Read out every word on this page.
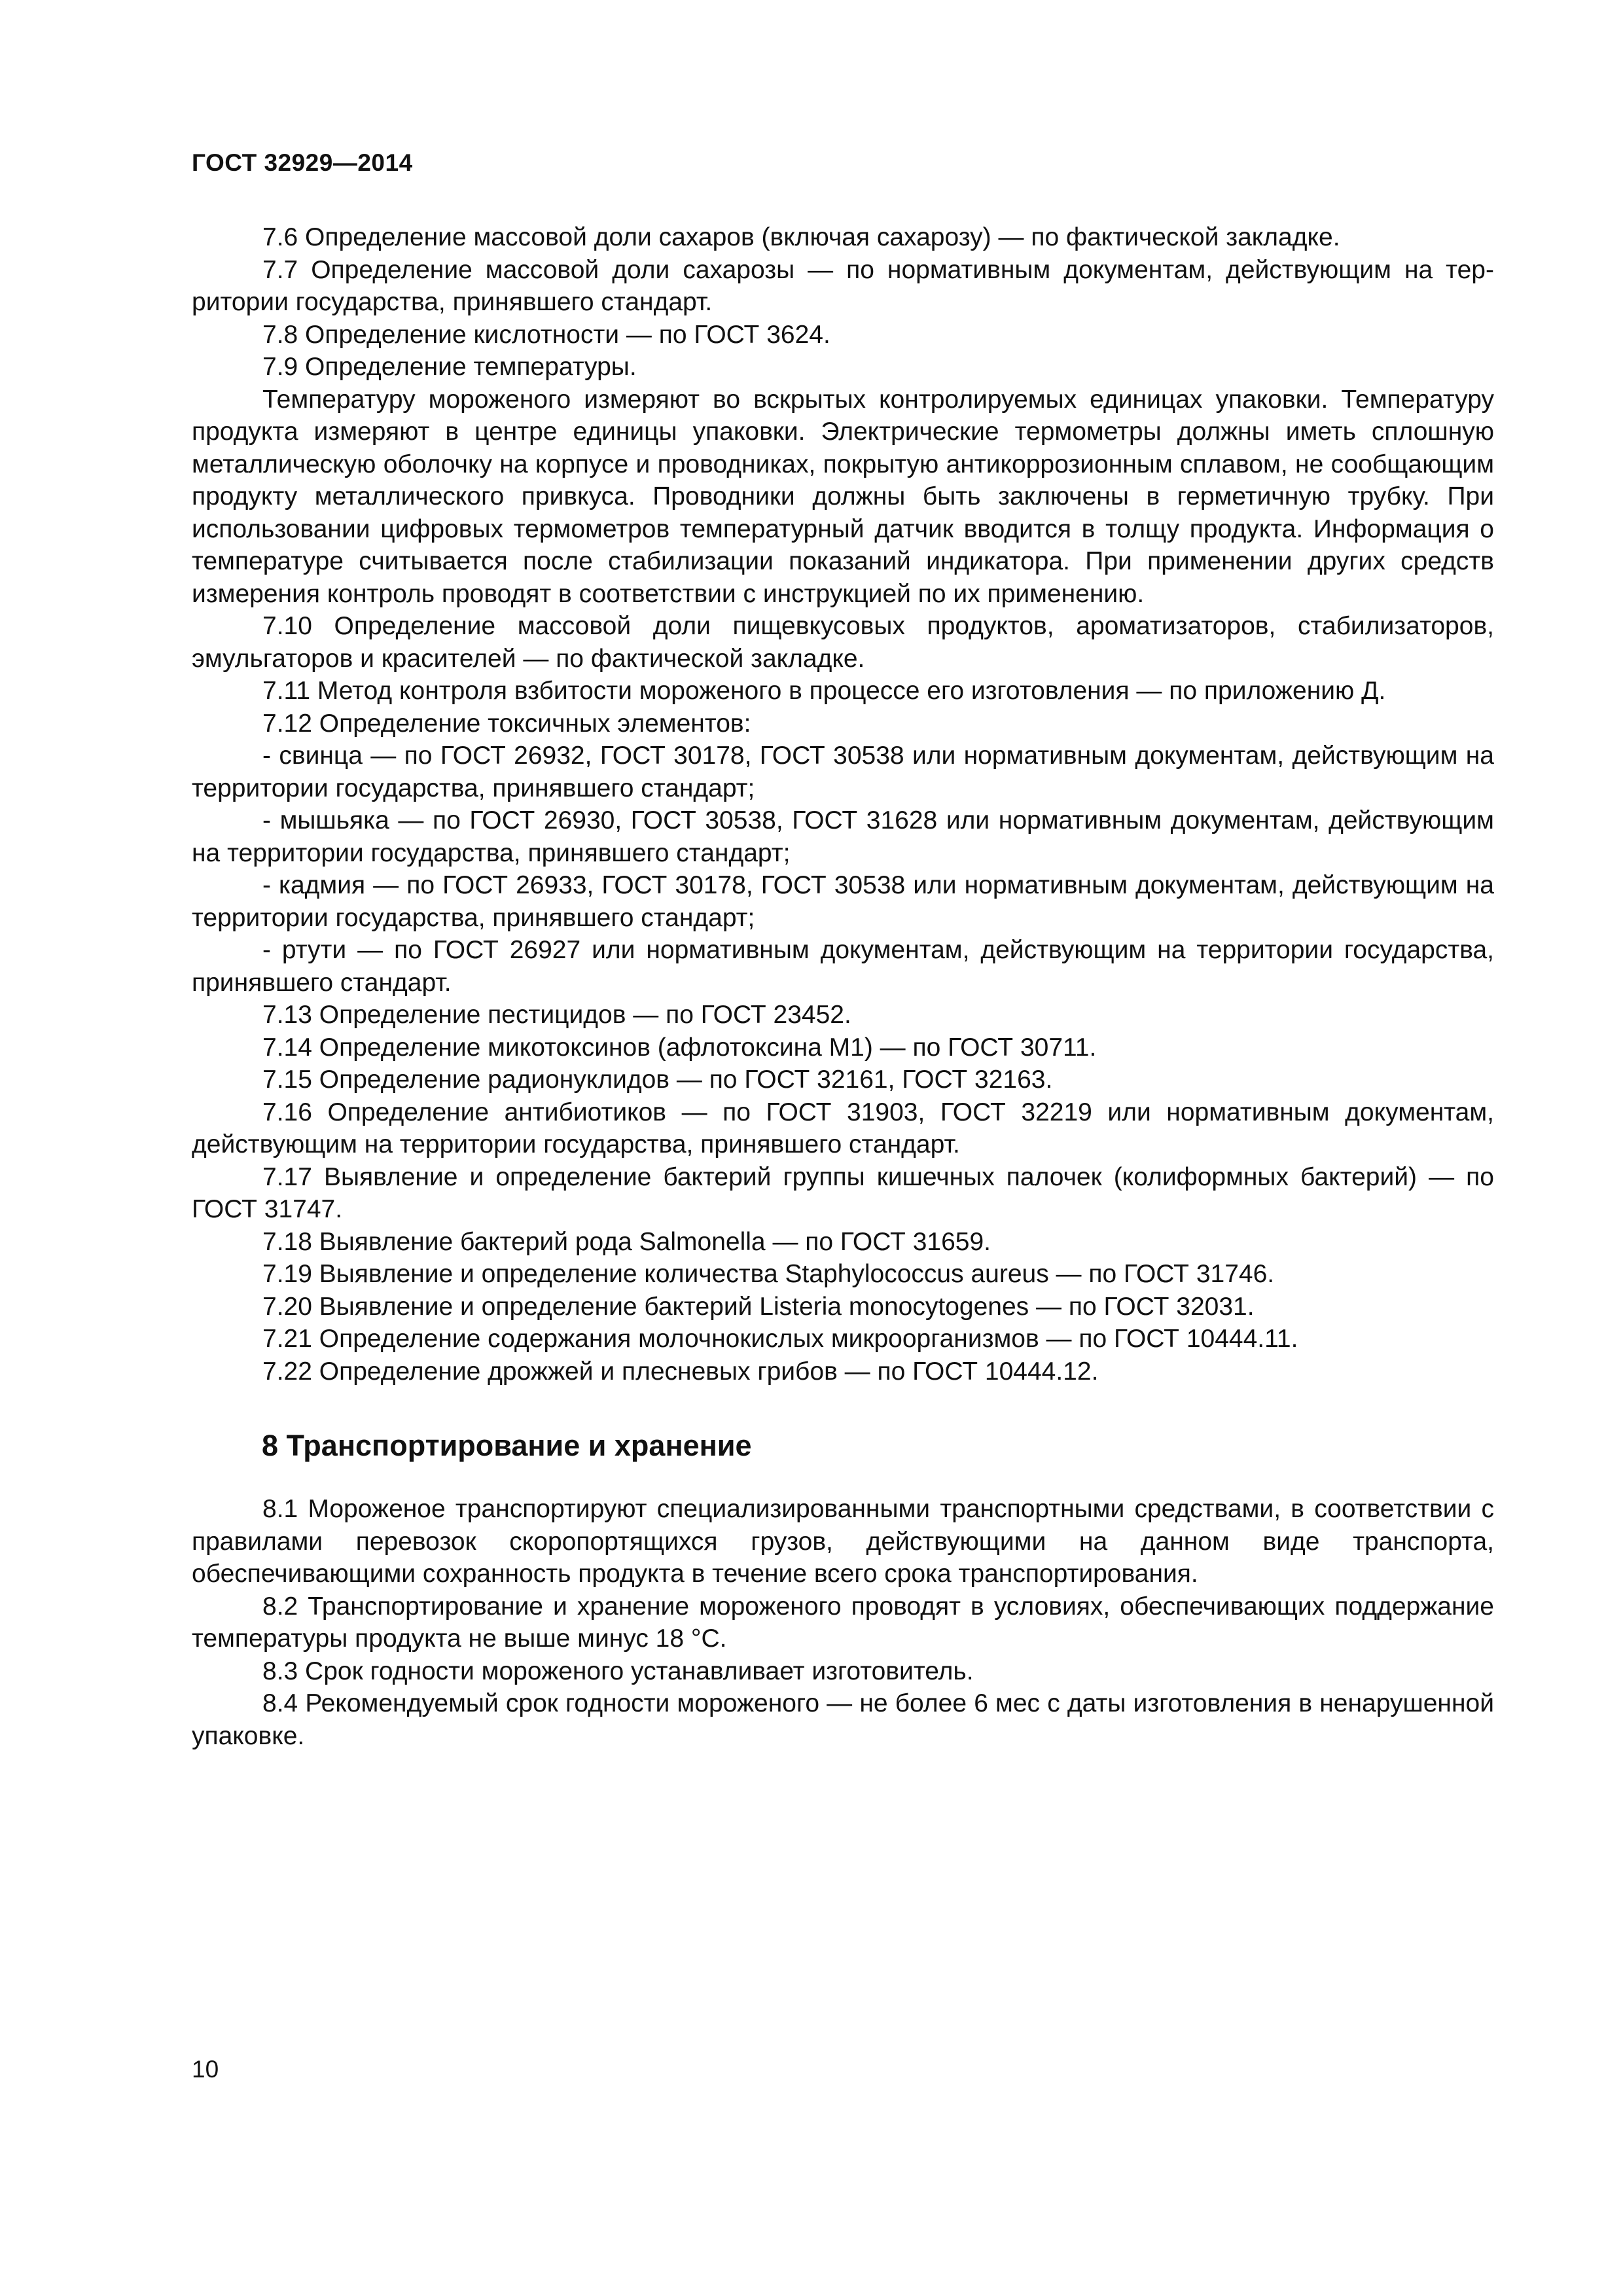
ГОСТ 32929—2014

7.6 Определение массовой доли сахаров (включая сахарозу) — по фактической закладке.

7.7 Определение массовой доли сахарозы — по нормативным документам, действующим на территории государства, принявшего стандарт.

7.8 Определение кислотности — по ГОСТ 3624.

7.9 Определение температуры.

Температуру мороженого измеряют во вскрытых контролируемых единицах упаковки. Температуру продукта измеряют в центре единицы упаковки. Электрические термометры должны иметь сплошную металлическую оболочку на корпусе и проводниках, покрытую антикоррозионным сплавом, не сообщающим продукту металлического привкуса. Проводники должны быть заключены в герметичную трубку. При использовании цифровых термометров температурный датчик вводится в толщу продукта. Информация о температуре считывается после стабилизации показаний индикатора. При применении других средств измерения контроль проводят в соответствии с инструкцией по их применению.

7.10 Определение массовой доли пищевкусовых продуктов, ароматизаторов, стабилизаторов, эмульгаторов и красителей — по фактической закладке.

7.11 Метод контроля взбитости мороженого в процессе его изготовления — по приложению Д.

7.12 Определение токсичных элементов:

- свинца — по ГОСТ 26932, ГОСТ 30178, ГОСТ 30538 или нормативным документам, действующим на территории государства, принявшего стандарт;

- мышьяка — по ГОСТ 26930, ГОСТ 30538, ГОСТ 31628 или нормативным документам, действующим на территории государства, принявшего стандарт;

- кадмия — по ГОСТ 26933, ГОСТ 30178, ГОСТ 30538 или нормативным документам, действующим на территории государства, принявшего стандарт;

- ртути — по ГОСТ 26927 или нормативным документам, действующим на территории государства, принявшего стандарт.

7.13 Определение пестицидов — по ГОСТ 23452.

7.14 Определение микотоксинов (афлотоксина М1) — по ГОСТ 30711.

7.15 Определение радионуклидов — по ГОСТ 32161, ГОСТ 32163.

7.16 Определение антибиотиков — по ГОСТ 31903, ГОСТ 32219 или нормативным документам, действующим на территории государства, принявшего стандарт.

7.17 Выявление и определение бактерий группы кишечных палочек (колиформных бактерий) — по ГОСТ 31747.

7.18 Выявление бактерий рода Salmonella — по ГОСТ 31659.

7.19 Выявление и определение количества Staphylococcus aureus — по ГОСТ 31746.

7.20 Выявление и определение бактерий Listeria monocytogenes — по ГОСТ 32031.

7.21 Определение содержания молочнокислых микроорганизмов — по ГОСТ 10444.11.

7.22 Определение дрожжей и плесневых грибов — по ГОСТ 10444.12.

8 Транспортирование и хранение

8.1 Мороженое транспортируют специализированными транспортными средствами, в соответствии с правилами перевозок скоропортящихся грузов, действующими на данном виде транспорта, обеспечивающими сохранность продукта в течение всего срока транспортирования.

8.2 Транспортирование и хранение мороженого проводят в условиях, обеспечивающих поддержание температуры продукта не выше минус 18 °С.

8.3 Срок годности мороженого устанавливает изготовитель.

8.4 Рекомендуемый срок годности мороженого — не более 6 мес с даты изготовления в ненарушенной упаковке.

10
